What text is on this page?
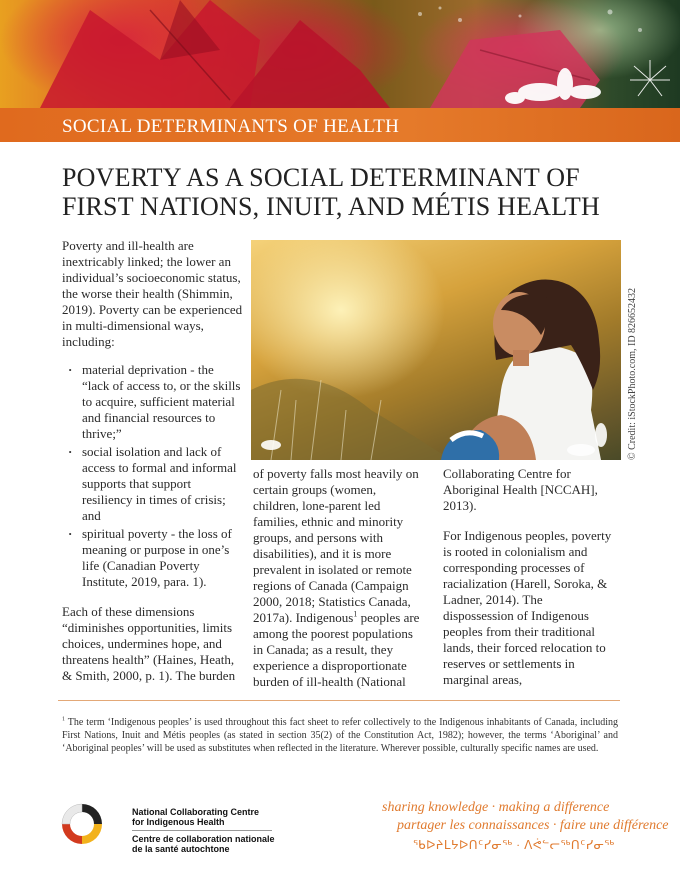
SOCIAL DETERMINANTS OF HEALTH
POVERTY AS A SOCIAL DETERMINANT OF
FIRST NATIONS, INUIT, AND MÉTIS HEALTH

Poverty and ill-health are inextricably linked; the lower an individual’s socioeconomic status, the worse their health (Shimmin, 2019). Poverty can be experienced in multi-dimensional ways, including:

· material deprivation - the “lack of access to, or the skills to acquire, sufficient material and financial resources to thrive;”
· social isolation and lack of access to formal and informal supports that support resiliency in times of crisis; and
· spiritual poverty - the loss of meaning or purpose in one’s life (Canadian Poverty Institute, 2019, para. 1).

Each of these dimensions “diminishes opportunities, limits choices, undermines hope, and threatens health” (Haines, Heath, & Smith, 2000, p. 1). The burden

© Credit: iStockPhoto.com, ID 826652432

of poverty falls most heavily on certain groups (women, children, lone-parent led families, ethnic and minority groups, and persons with disabilities), and it is more prevalent in isolated or remote regions of Canada (Campaign 2000, 2018; Statistics Canada, 2017a). Indigenous$^1$ peoples are among the poorest populations in Canada; as a result, they experience a disproportionate burden of ill-health (National

Collaborating Centre for Aboriginal Health [NCCAH], 2013).

For Indigenous peoples, poverty is rooted in colonialism and corresponding processes of racialization (Harell, Soroka, & Ladner, 2014). The dispossession of Indigenous peoples from their traditional lands, their forced relocation to reserves or settlements in marginal areas,

$^1$ The term ‘Indigenous peoples’ is used throughout this fact sheet to refer collectively to the Indigenous inhabitants of Canada, including First Nations, Inuit and Métis peoples (as stated in section 35(2) of the Constitution Act, 1982); however, the terms ‘Aboriginal’ and ‘Aboriginal peoples’ will be used as substitutes when reflected in the literature. Wherever possible, culturally specific names are used.

National Collaborating Centre
for Indigenous Health
Centre de collaboration nationale
de la santé autochtone
sharing knowledge · making a difference
partager les connaissances · faire une différence
ᖃᐅᔨᒪᔭᐅᑎᑦᓯᓂᖅ · ᐱᕚᓪᓕᖅᑎᑦᓯᓂᖅ
